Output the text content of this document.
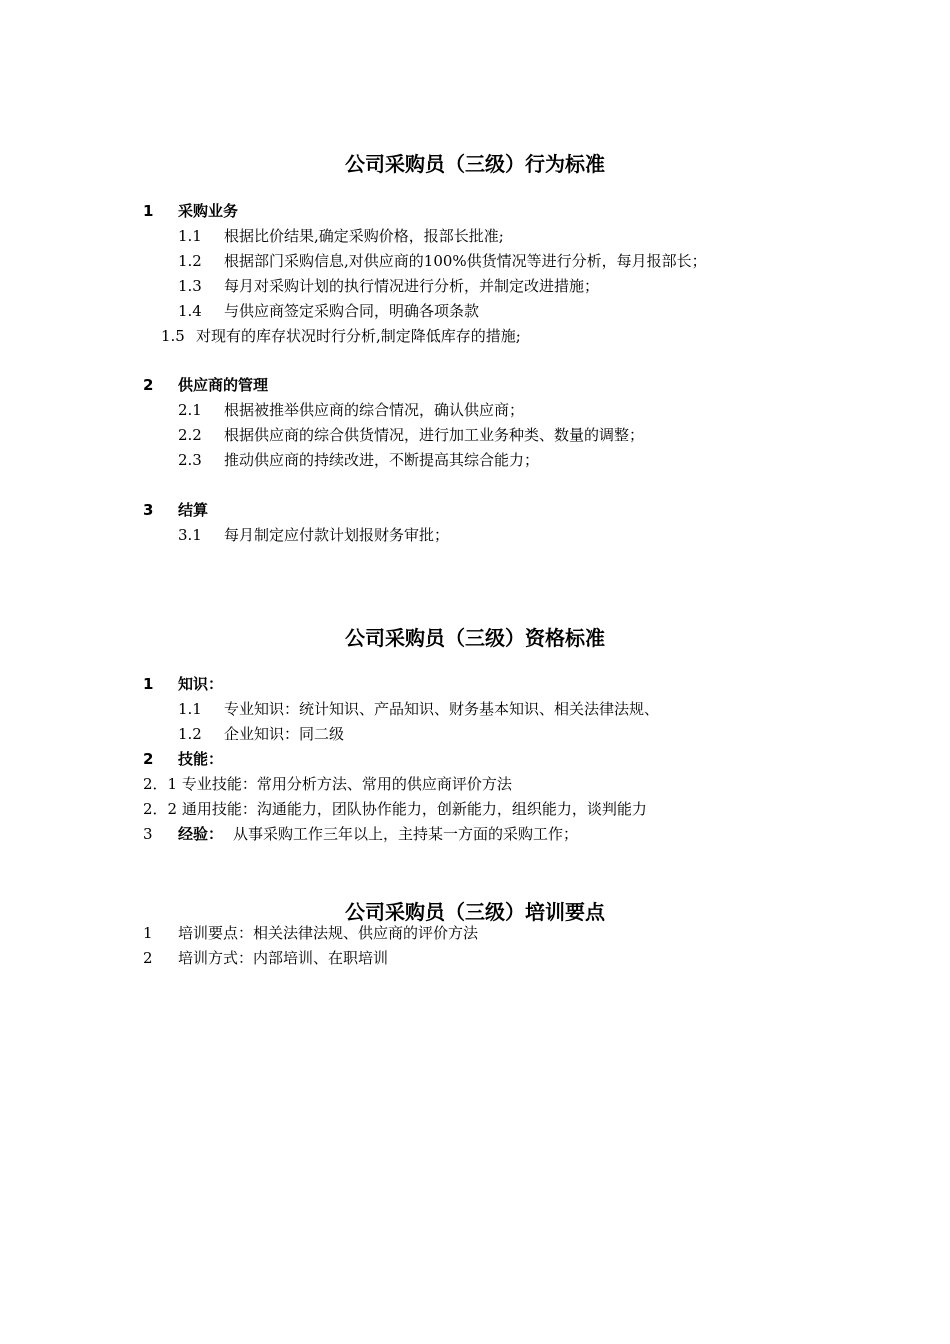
公司采购员（三级）行为标准
1 采购业务
1.1 根据比价结果,确定采购价格，报部长批准;
1.2 根据部门采购信息,对供应商的100%供货情况等进行分析，每月报部长；
1.3 每月对采购计划的执行情况进行分析，并制定改进措施；
1.4 与供应商签定采购合同，明确各项条款
1.5 对现有的库存状况时行分析,制定降低库存的措施;
2 供应商的管理
2.1 根据被推举供应商的综合情况，确认供应商；
2.2 根据供应商的综合供货情况，进行加工业务种类、数量的调整；
2.3 推动供应商的持续改进，不断提高其综合能力；
3 结算
3.1 每月制定应付款计划报财务审批；
公司采购员（三级）资格标准
1 知识：
1.1 专业知识：统计知识、产品知识、财务基本知识、相关法律法规、
1.2 企业知识：同二级
2 技能：
2．1 专业技能：常用分析方法、常用的供应商评价方法
2．2 通用技能：沟通能力，团队协作能力，创新能力，组织能力，谈判能力
3 经验： 从事采购工作三年以上，主持某一方面的采购工作；
公司采购员（三级）培训要点
1 培训要点：相关法律法规、供应商的评价方法
2 培训方式：内部培训、在职培训
